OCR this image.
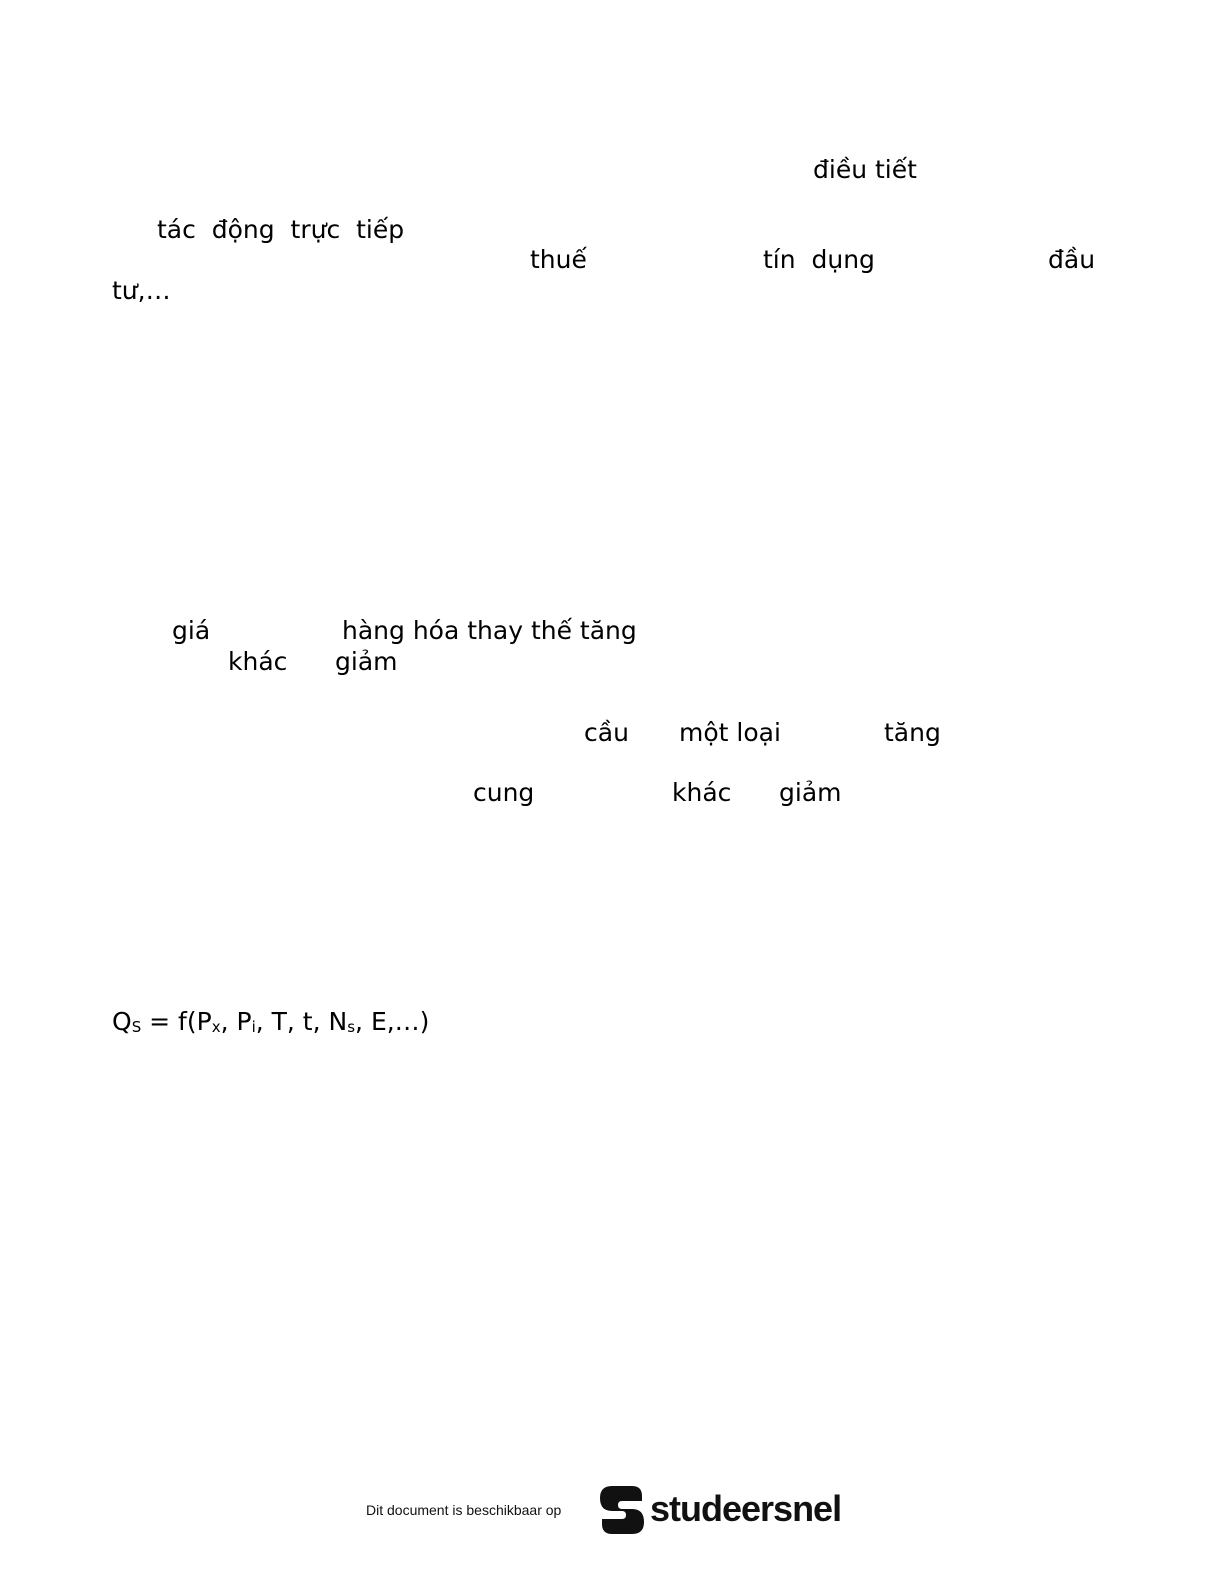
điều tiết
tác  động  trực  tiếp
thuế	tín  dụng	đầu
tư,…
giá	hàng hóa thay thế tăng
khác giảm
cầu một loại	tăng
cung	khác giảm
$Q_S = f(P_x$, $P_i$, T, t, $N_s$, E,…)
Dit document is beschikbaar op studeersnel
